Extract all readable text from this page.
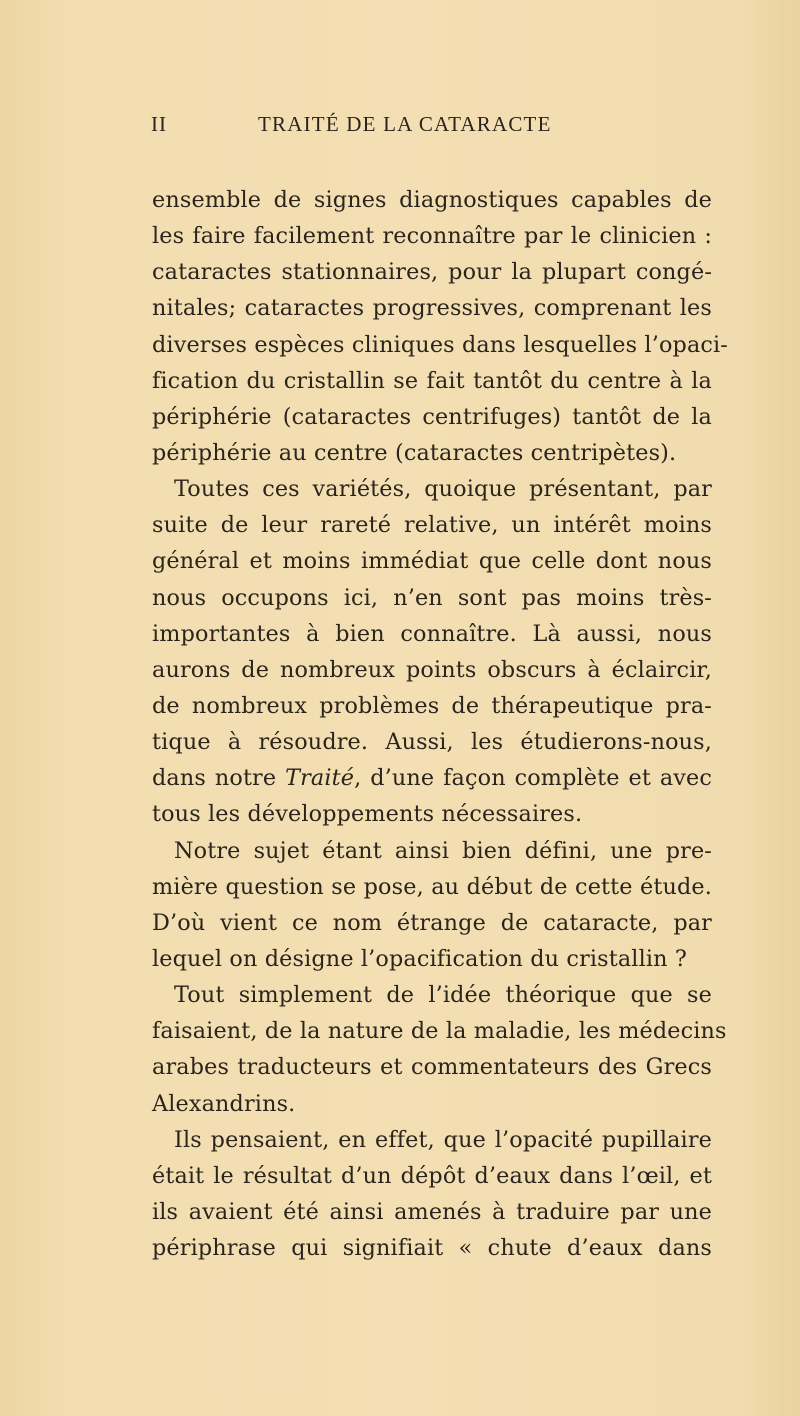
II	TRAITÉ DE LA CATARACTE
ensemble de signes diagnostiques capables de
les faire facilement reconnaître par le clinicien :
cataractes stationnaires, pour la plupart congé-
nitales; cataractes progressives, comprenant les
diverses espèces cliniques dans lesquelles l’opaci-
fication du cristallin se fait tantôt du centre à la
périphérie (cataractes centrifuges) tantôt de la
périphérie au centre (cataractes centripètes).
Toutes ces variétés, quoique présentant, par
suite de leur rareté relative, un intérêt moins
général et moins immédiat que celle dont nous
nous occupons ici, n’en sont pas moins très-
importantes à bien connaître. Là aussi, nous
aurons de nombreux points obscurs à éclaircir,
de nombreux problèmes de thérapeutique pra-
tique à résoudre. Aussi, les étudierons-nous,
dans notre Traité, d’une façon complète et avec
tous les développements nécessaires.
Notre sujet étant ainsi bien défini, une pre-
mière question se pose, au début de cette étude.
D’où vient ce nom étrange de cataracte, par
lequel on désigne l’opacification du cristallin ?
Tout simplement de l’idée théorique que se
faisaient, de la nature de la maladie, les médecins
arabes traducteurs et commentateurs des Grecs
Alexandrins.
Ils pensaient, en effet, que l’opacité pupillaire
était le résultat d’un dépôt d’eaux dans l’œil, et
ils avaient été ainsi amenés à traduire par une
périphrase qui signifiait « chute d’eaux dans
